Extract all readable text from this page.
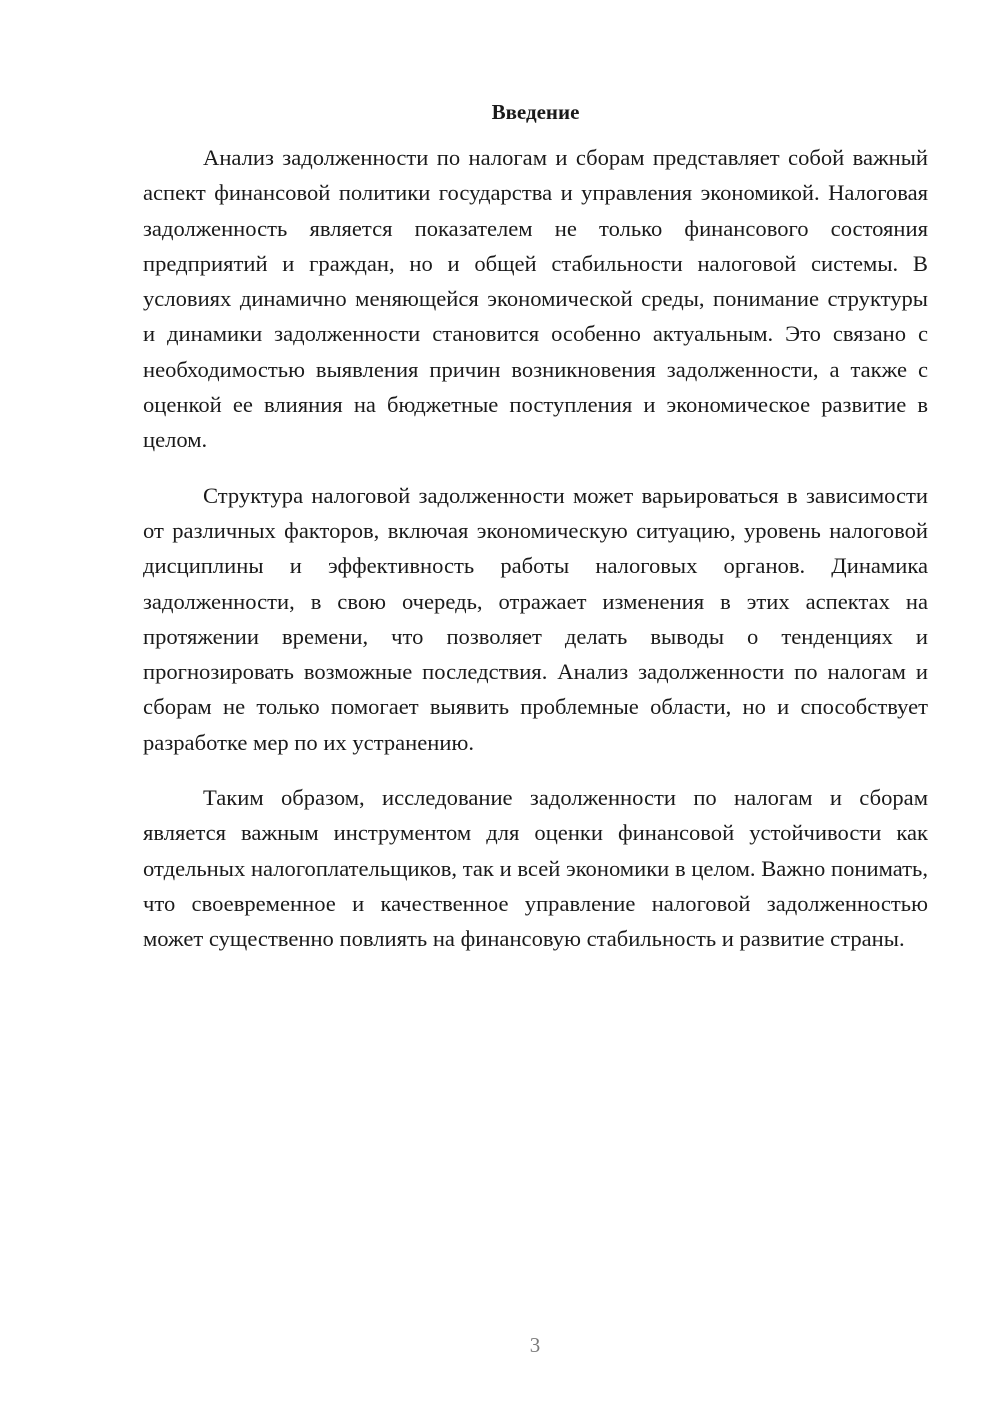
Введение

Анализ задолженности по налогам и сборам представляет собой важный аспект финансовой политики государства и управления экономикой. Налоговая задолженность является показателем не только финансового состояния предприятий и граждан, но и общей стабильности налоговой системы. В условиях динамично меняющейся экономической среды, понимание структуры и динамики задолженности становится особенно актуальным. Это связано с необходимостью выявления причин возникновения задолженности, а также с оценкой ее влияния на бюджетные поступления и экономическое развитие в целом.

Структура налоговой задолженности может варьироваться в зависимости от различных факторов, включая экономическую ситуацию, уровень налоговой дисциплины и эффективность работы налоговых органов. Динамика задолженности, в свою очередь, отражает изменения в этих аспектах на протяжении времени, что позволяет делать выводы о тенденциях и прогнозировать возможные последствия. Анализ задолженности по налогам и сборам не только помогает выявить проблемные области, но и способствует разработке мер по их устранению.

Таким образом, исследование задолженности по налогам и сборам является важным инструментом для оценки финансовой устойчивости как отдельных налогоплательщиков, так и всей экономики в целом. Важно понимать, что своевременное и качественное управление налоговой задолженностью может существенно повлиять на финансовую стабильность и развитие страны.

3
